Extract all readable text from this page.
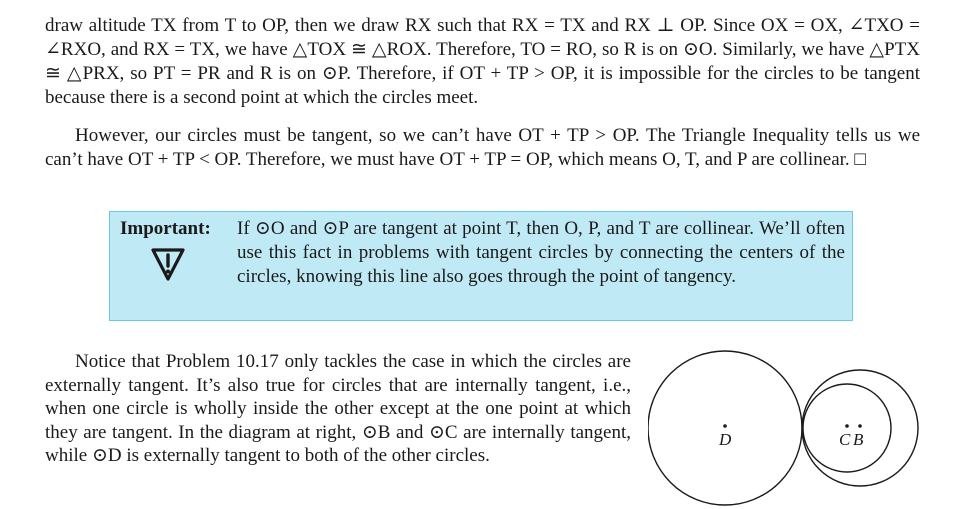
draw altitude TX from T to OP, then we draw RX such that RX = TX and RX ⊥ OP. Since OX = OX, ∠TXO = ∠RXO, and RX = TX, we have △TOX ≅ △ROX. Therefore, TO = RO, so R is on ⊙O. Similarly, we have △PTX ≅ △PRX, so PT = PR and R is on ⊙P. Therefore, if OT + TP > OP, it is impossible for the circles to be tangent because there is a second point at which the circles meet.

However, our circles must be tangent, so we can’t have OT + TP > OP. The Triangle Inequality tells us we can’t have OT + TP < OP. Therefore, we must have OT + TP = OP, which means O, T, and P are collinear. □

Important: If ⊙O and ⊙P are tangent at point T, then O, P, and T are collinear. We’ll often use this fact in problems with tangent circles by connecting the centers of the circles, knowing this line also goes through the point of tangency.

Notice that Problem 10.17 only tackles the case in which the circles are externally tangent. It’s also true for circles that are internally tangent, i.e., when one circle is wholly inside the other except at the one point at which they are tangent. In the diagram at right, ⊙B and ⊙C are internally tangent, while ⊙D is externally tangent to both of the other circles.

D	C B
